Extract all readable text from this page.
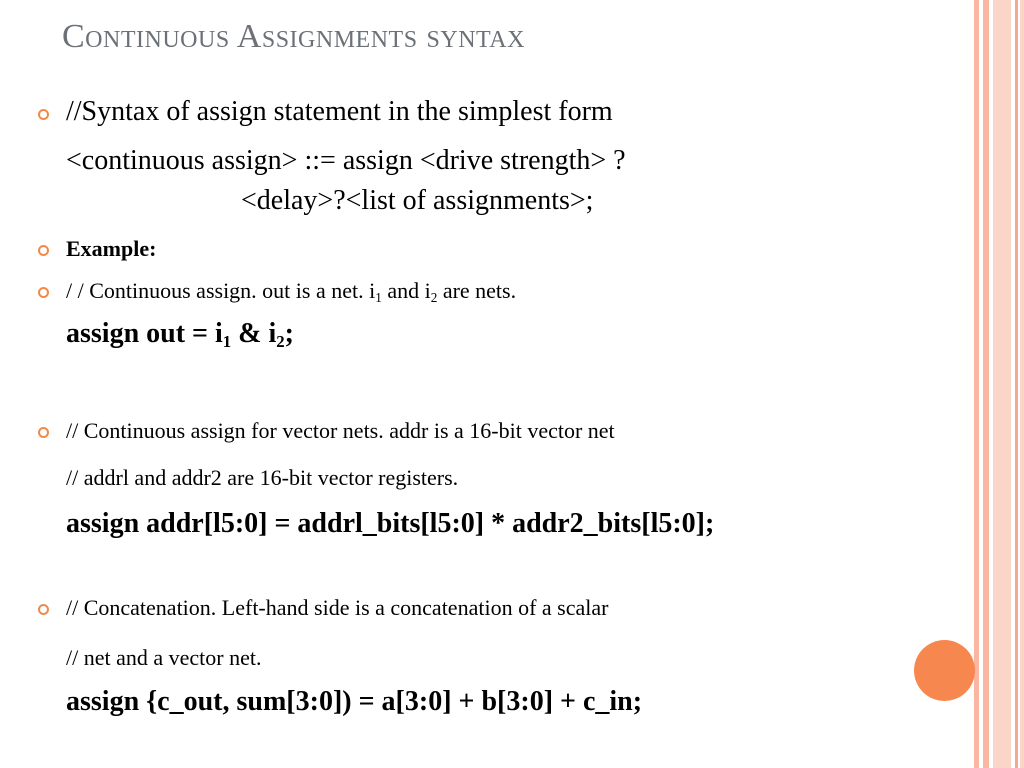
Continuous Assignments syntax
//Syntax of assign statement in the simplest form
<continuous assign> ::= assign <drive strength> ?
<delay>?<list of assignments>;
Example:
/ / Continuous assign. out is a net. $i_1$ and $i_2$ are nets.
assign out = $i_1$ & $i_2$;
// Continuous assign for vector nets. addr is a 16-bit vector net
// addrl and addr2 are 16-bit vector registers.
assign addr[l5:0] = addrl_bits[l5:0] * addr2_bits[l5:0];
// Concatenation. Left-hand side is a concatenation of a scalar
// net and a vector net.
assign {c_out, sum[3:0]) = a[3:0] + b[3:0] + c_in;
